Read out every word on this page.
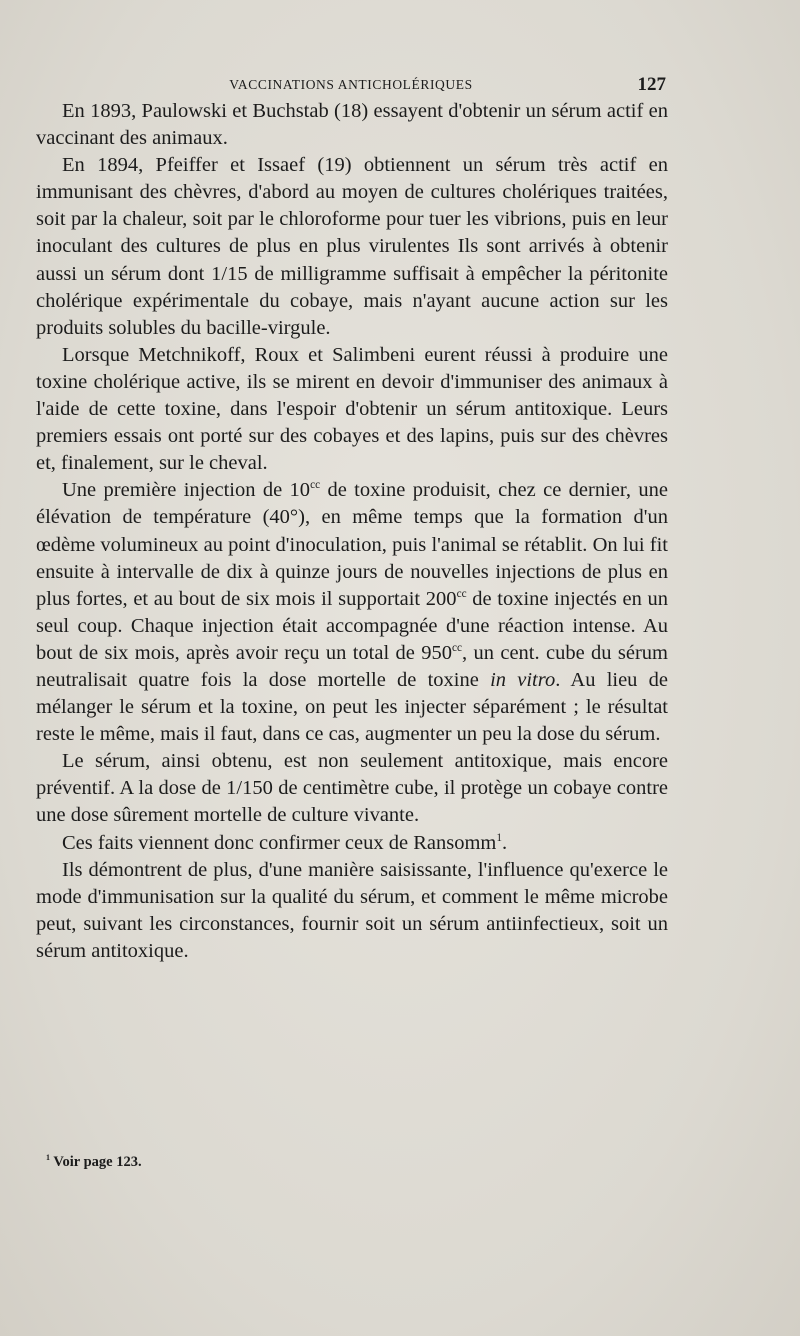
VACCINATIONS ANTICHOLÉRIQUES	127

En 1893, Paulowski et Buchstab (18) essayent d'obtenir un sérum actif en vaccinant des animaux.

En 1894, Pfeiffer et Issaef (19) obtiennent un sérum très actif en immunisant des chèvres, d'abord au moyen de cultures cholériques traitées, soit par la chaleur, soit par le chloroforme pour tuer les vibrions, puis en leur inoculant des cultures de plus en plus virulentes Ils sont arrivés à obtenir aussi un sérum dont 1/15 de milligramme suffisait à empêcher la péritonite cholérique expérimentale du cobaye, mais n'ayant aucune action sur les produits solubles du bacille-virgule.

Lorsque Metchnikoff, Roux et Salimbeni eurent réussi à produire une toxine cholérique active, ils se mirent en devoir d'immuniser des animaux à l'aide de cette toxine, dans l'espoir d'obtenir un sérum antitoxique. Leurs premiers essais ont porté sur des cobayes et des lapins, puis sur des chèvres et, finalement, sur le cheval.

Une première injection de $10^{cc}$ de toxine produisit, chez ce dernier, une élévation de température (40°), en même temps que la formation d'un œdème volumineux au point d'inoculation, puis l'animal se rétablit. On lui fit ensuite à intervalle de dix à quinze jours de nouvelles injections de plus en plus fortes, et au bout de six mois il supportait $200^{cc}$ de toxine injectés en un seul coup. Chaque injection était accompagnée d'une réaction intense. Au bout de six mois, après avoir reçu un total de $950^{cc}$, un cent. cube du sérum neutralisait quatre fois la dose mortelle de toxine in vitro. Au lieu de mélanger le sérum et la toxine, on peut les injecter séparément ; le résultat reste le même, mais il faut, dans ce cas, augmenter un peu la dose du sérum.

Le sérum, ainsi obtenu, est non seulement antitoxique, mais encore préventif. A la dose de 1/150 de centimètre cube, il protège un cobaye contre une dose sûrement mortelle de culture vivante.

Ces faits viennent donc confirmer ceux de Ransomm$^1$.

Ils démontrent de plus, d'une manière saisissante, l'influence qu'exerce le mode d'immunisation sur la qualité du sérum, et comment le même microbe peut, suivant les circonstances, fournir soit un sérum antiinfectieux, soit un sérum antitoxique.

$^1$ Voir page 123.
